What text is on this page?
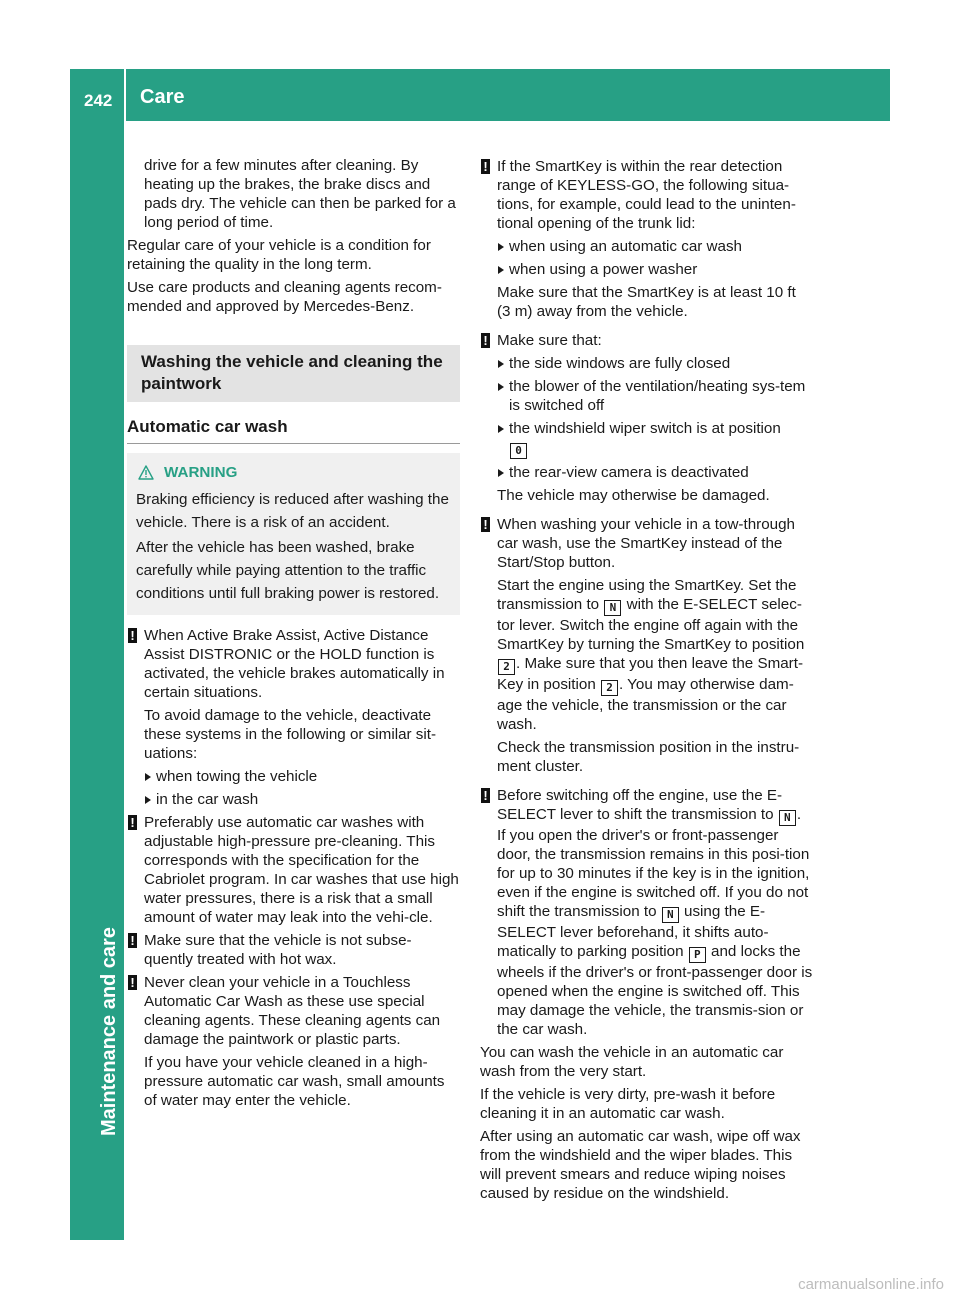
242 Care
Maintenance and care

drive for a few minutes after cleaning. By heating up the brakes, the brake discs and pads dry. The vehicle can then be parked for a long period of time.

Regular care of your vehicle is a condition for retaining the quality in the long term.

Use care products and cleaning agents recom-mended and approved by Mercedes-Benz.

Washing the vehicle and cleaning the paintwork
Automatic car wash
WARNING

Braking efficiency is reduced after washing the vehicle. There is a risk of an accident.

After the vehicle has been washed, brake carefully while paying attention to the traffic conditions until full braking power is restored.

! When Active Brake Assist, Active Distance Assist DISTRONIC or the HOLD function is activated, the vehicle brakes automatically in certain situations.

To avoid damage to the vehicle, deactivate these systems in the following or similar sit-uations:

when towing the vehicle
in the car wash
! Preferably use automatic car washes with adjustable high-pressure pre-cleaning. This corresponds with the specification for the Cabriolet program. In car washes that use high water pressures, there is a risk that a small amount of water may leak into the vehi-cle.

! Make sure that the vehicle is not subse-quently treated with hot wax.

! Never clean your vehicle in a Touchless Automatic Car Wash as these use special cleaning agents. These cleaning agents can damage the paintwork or plastic parts.

If you have your vehicle cleaned in a high-pressure automatic car wash, small amounts of water may enter the vehicle.

! If the SmartKey is within the rear detection range of KEYLESS-GO, the following situa-tions, for example, could lead to the uninten-tional opening of the trunk lid:

when using an automatic car wash
when using a power washer

Make sure that the SmartKey is at least 10 ft (3 m) away from the vehicle.

! Make sure that:

the side windows are fully closed
the blower of the ventilation/heating sys-tem is switched off
the windshield wiper switch is at position
0
the rear-view camera is deactivated

The vehicle may otherwise be damaged.

! When washing your vehicle in a tow-through car wash, use the SmartKey instead of the Start/Stop button.

Start the engine using the SmartKey. Set the transmission to N with the E-SELECT selec-tor lever. Switch the engine off again with the SmartKey by turning the SmartKey to position 2 . Make sure that you then leave the Smart-Key in position 2 . You may otherwise dam-age the vehicle, the transmission or the car wash.

Check the transmission position in the instru-ment cluster.

! Before switching off the engine, use the E-SELECT lever to shift the transmission to N . If you open the driver's or front-passenger door, the transmission remains in this posi-tion for up to 30 minutes if the key is in the ignition, even if the engine is switched off. If you do not shift the transmission to N using the E-SELECT lever beforehand, it shifts auto-matically to parking position P and locks the wheels if the driver's or front-passenger door is opened when the engine is switched off. This may damage the vehicle, the transmis-sion or the car wash.

You can wash the vehicle in an automatic car wash from the very start.

If the vehicle is very dirty, pre-wash it before cleaning it in an automatic car wash.

After using an automatic car wash, wipe off wax from the windshield and the wiper blades. This will prevent smears and reduce wiping noises caused by residue on the windshield.

carmanualsonline.info
